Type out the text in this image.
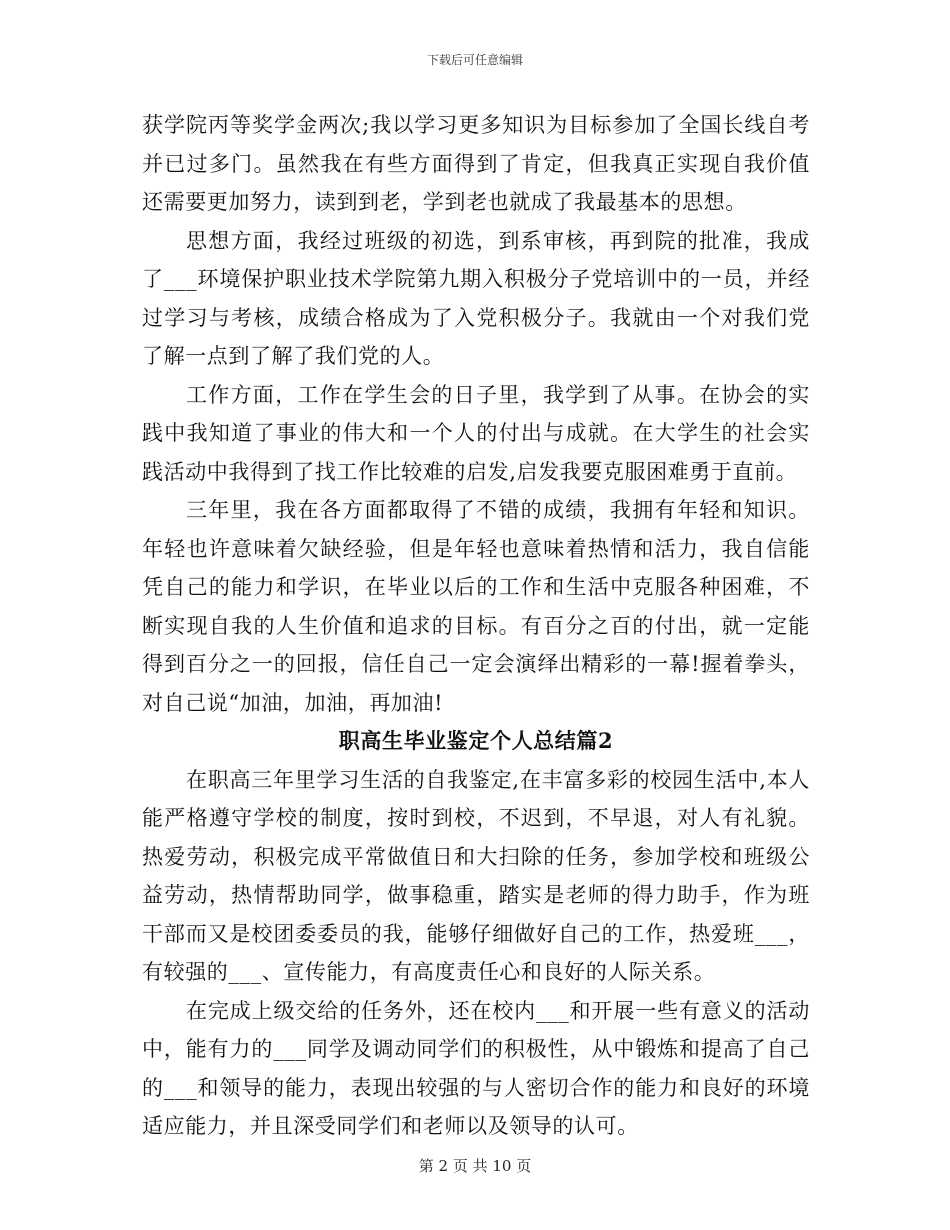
下载后可任意编辑

获学院丙等奖学金两次;我以学习更多知识为目标参加了全国长线自考并已过多门。虽然我在有些方面得到了肯定，但我真正实现自我价值还需要更加努力，读到到老，学到老也就成了我最基本的思想。

思想方面，我经过班级的初选，到系审核，再到院的批准，我成了___环境保护职业技术学院第九期入积极分子党培训中的一员，并经过学习与考核，成绩合格成为了入党积极分子。我就由一个对我们党了解一点到了解了我们党的人。

工作方面，工作在学生会的日子里，我学到了从事。在协会的实践中我知道了事业的伟大和一个人的付出与成就。在大学生的社会实践活动中我得到了找工作比较难的启发,启发我要克服困难勇于直前。

三年里，我在各方面都取得了不错的成绩，我拥有年轻和知识。年轻也许意味着欠缺经验，但是年轻也意味着热情和活力，我自信能凭自己的能力和学识，在毕业以后的工作和生活中克服各种困难，不断实现自我的人生价值和追求的目标。有百分之百的付出，就一定能得到百分之一的回报，信任自己一定会演绎出精彩的一幕!握着拳头，对自己说“加油，加油，再加油!

职高生毕业鉴定个人总结篇2

在职高三年里学习生活的自我鉴定,在丰富多彩的校园生活中,本人能严格遵守学校的制度，按时到校，不迟到，不早退，对人有礼貌。热爱劳动，积极完成平常做值日和大扫除的任务，参加学校和班级公益劳动，热情帮助同学，做事稳重，踏实是老师的得力助手，作为班干部而又是校团委委员的我，能够仔细做好自己的工作，热爱班___，有较强的___、宣传能力，有高度责任心和良好的人际关系。

在完成上级交给的任务外，还在校内___和开展一些有意义的活动中，能有力的___同学及调动同学们的积极性，从中锻炼和提高了自己的___和领导的能力，表现出较强的与人密切合作的能力和良好的环境适应能力，并且深受同学们和老师以及领导的认可。

第 2 页 共 10 页
